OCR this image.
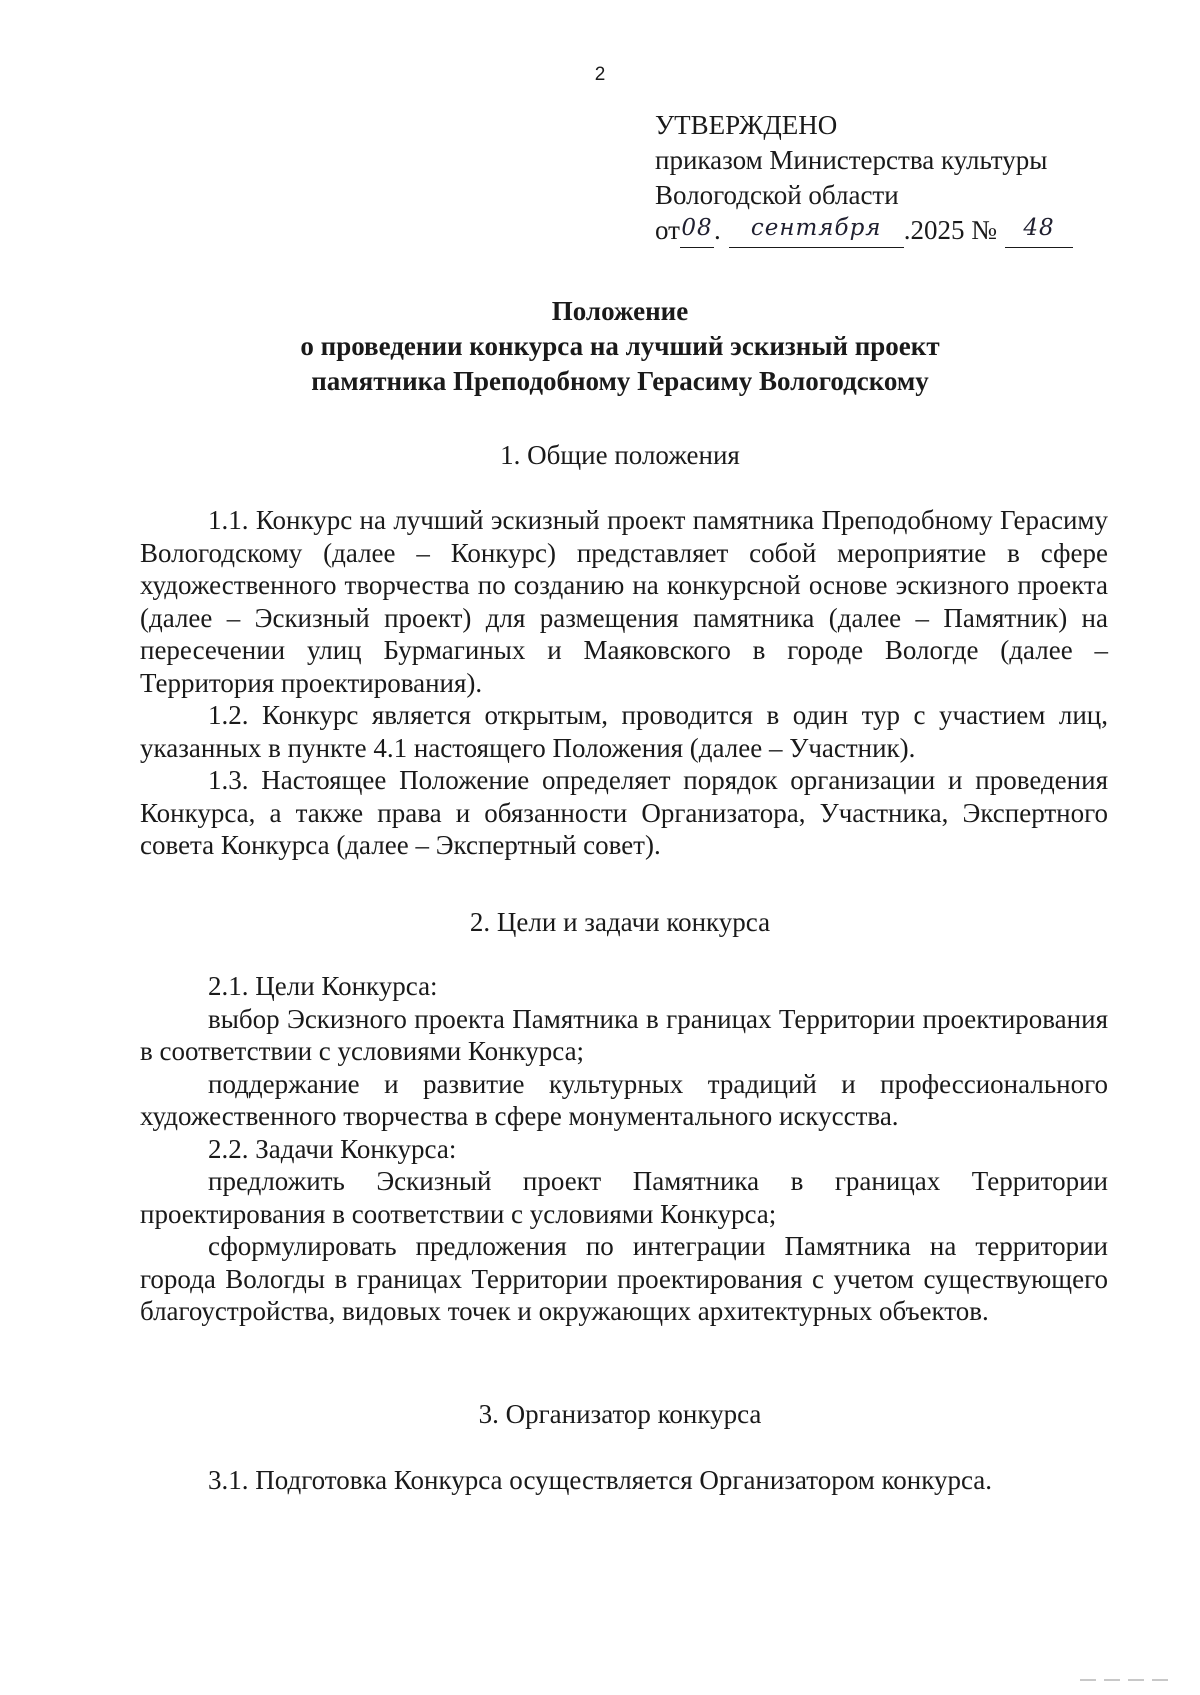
2
УТВЕРЖДЕНО
приказом Министерства культуры
Вологодской области
от 08 .	сентября .2025 №	48
Положение
о проведении конкурса на лучший эскизный проект
памятника Преподобному Герасиму Вологодскому
1. Общие положения

1.1. Конкурс на лучший эскизный проект памятника Преподобному Герасиму Вологодскому (далее – Конкурс) представляет собой мероприятие в сфере художественного творчества по созданию на конкурсной основе эскизного проекта (далее – Эскизный проект) для размещения памятника (далее – Памятник) на пересечении улиц Бурмагиных и Маяковского в городе Вологде (далее – Территория проектирования).

1.2. Конкурс является открытым, проводится в один тур с участием лиц, указанных в пункте 4.1 настоящего Положения (далее – Участник).

1.3. Настоящее Положение определяет порядок организации и проведения Конкурса, а также права и обязанности Организатора, Участника, Экспертного совета Конкурса (далее – Экспертный совет).

2. Цели и задачи конкурса

2.1. Цели Конкурса:

выбор Эскизного проекта Памятника в границах Территории проектирования в соответствии с условиями Конкурса;

поддержание и развитие культурных традиций и профессионального художественного творчества в сфере монументального искусства.

2.2. Задачи Конкурса:

предложить Эскизный проект Памятника в границах Территории проектирования в соответствии с условиями Конкурса;

сформулировать предложения по интеграции Памятника на территории города Вологды в границах Территории проектирования с учетом существующего благоустройства, видовых точек и окружающих архитектурных объектов.

3. Организатор конкурса

3.1. Подготовка Конкурса осуществляется Организатором конкурса.
